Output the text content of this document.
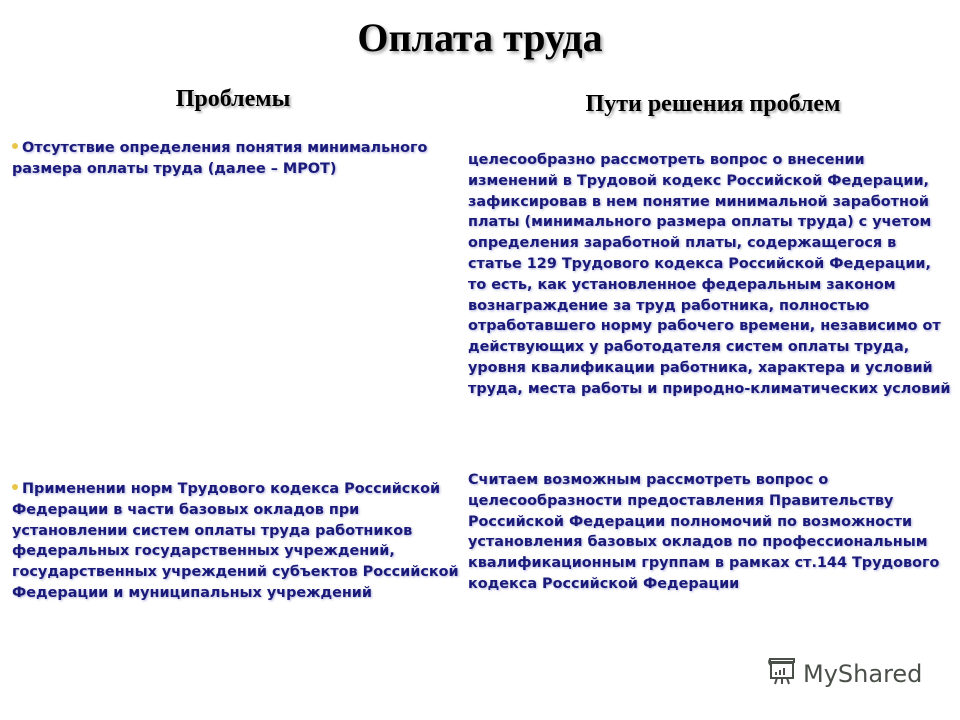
Оплата труда
Проблемы	Пути решения проблем
Отсутствие определения понятия минимального размера оплаты труда (далее – МРОТ)
Применении норм Трудового кодекса Российской Федерации в части базовых окладов при установлении систем оплаты труда работников федеральных государственных учреждений, государственных учреждений субъектов Российской Федерации и муниципальных учреждений
целесообразно рассмотреть вопрос о внесении изменений в Трудовой кодекс Российской Федерации, зафиксировав в нем понятие минимальной заработной платы (минимального размера оплаты труда) с учетом определения заработной платы, содержащегося в статье 129 Трудового кодекса Российской Федерации, то есть, как установленное федеральным законом вознаграждение за труд работника, полностью отработавшего норму рабочего времени, независимо от действующих у работодателя систем оплаты труда, уровня квалификации работника, характера и условий труда, места работы и природно-климатических условий
Считаем возможным рассмотреть вопрос о целесообразности предоставления Правительству Российской Федерации полномочий по возможности установления базовых окладов по профессиональным квалификационным группам в рамках ст.144 Трудового кодекса Российской Федерации
MyShared
